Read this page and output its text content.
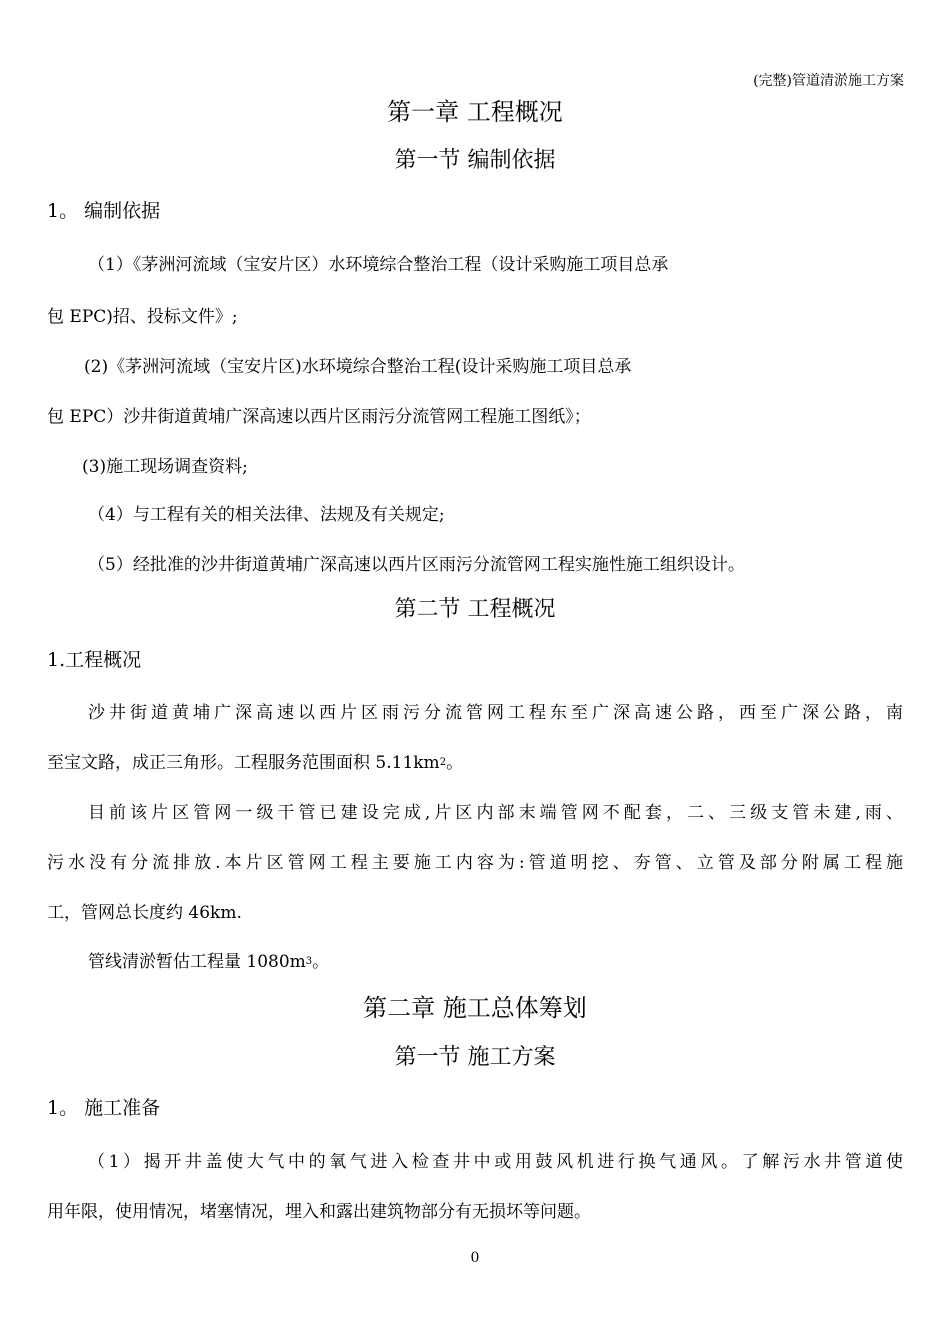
(完整)管道清淤施工方案
第一章 工程概况
第一节 编制依据
1。 编制依据
（1）《茅洲河流域（宝安片区）水环境综合整治工程（设计采购施工项目总承
包 EPC)招、投标文件》;
(2)《茅洲河流域（宝安片区)水环境综合整治工程(设计采购施工项目总承
包 EPC）沙井街道黄埔广深高速以西片区雨污分流管网工程施工图纸》；
(3)施工现场调查资料;
（4）与工程有关的相关法律、法规及有关规定;
（5）经批准的沙井街道黄埔广深高速以西片区雨污分流管网工程实施性施工组织设计。
第二节 工程概况
1.工程概况
沙井街道黄埔广深高速以西片区雨污分流管网工程东至广深高速公路，西至广深公路，南
至宝文路，成正三角形。工程服务范围面积 $5.11km_2$。
目前该片区管网一级干管已建设完成,片区内部末端管网不配套，二、三级支管未建,雨、
污水没有分流排放.本片区管网工程主要施工内容为:管道明挖、夯管、立管及部分附属工程施
工，管网总长度约 46km.
管线清淤暂估工程量 $1080m_3$。
第二章 施工总体筹划
第一节 施工方案
1。 施工准备
（1）揭开井盖使大气中的氧气进入检查井中或用鼓风机进行换气通风。了解污水井管道使
用年限，使用情况，堵塞情况，埋入和露出建筑物部分有无损坏等问题。
0
